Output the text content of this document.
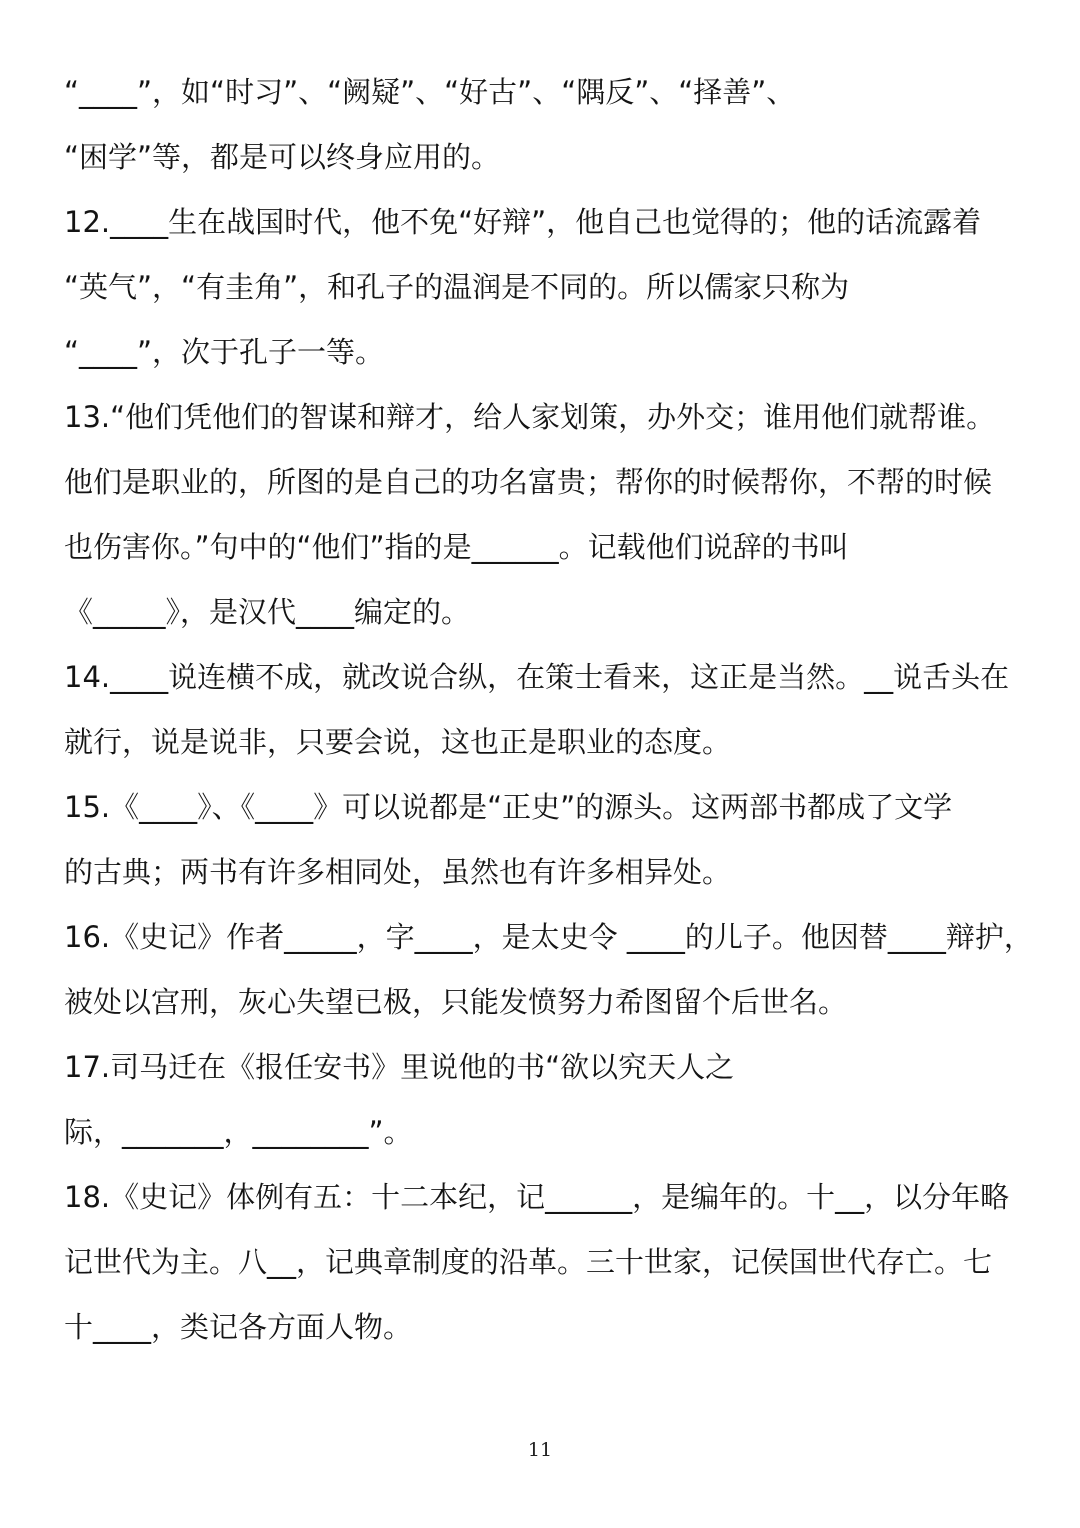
“____”，如“时习”、“阙疑”、“好古”、“隅反”、“择善”、
“困学”等，都是可以终身应用的。
12.____生在战国时代，他不免“好辩”，他自己也觉得的；他的话流露着
“英气”，“有圭角”，和孔子的温润是不同的。所以儒家只称为
“____”，次于孔子一等。
13.“他们凭他们的智谋和辩才，给人家划策，办外交；谁用他们就帮谁。
他们是职业的，所图的是自己的功名富贵；帮你的时候帮你，不帮的时候
也伤害你。”句中的“他们”指的是______。记载他们说辞的书叫
《_____》，是汉代____编定的。
14.____说连横不成，就改说合纵，在策士看来，这正是当然。__说舌头在
就行，说是说非，只要会说，这也正是职业的态度。
15.《____》、《____》可以说都是“正史”的源头。这两部书都成了文学
的古典；两书有许多相同处，虽然也有许多相异处。
16.《史记》作者_____，字____，是太史令 ____的儿子。他因替____辩护，
被处以宫刑，灰心失望已极，只能发愤努力希图留个后世名。
17.司马迁在《报任安书》里说他的书“欲以究天人之
际，_______，________”。
18.《史记》体例有五：十二本纪，记______，是编年的。十__，以分年略
记世代为主。八__，记典章制度的沿革。三十世家，记侯国世代存亡。七
十____，类记各方面人物。
11
